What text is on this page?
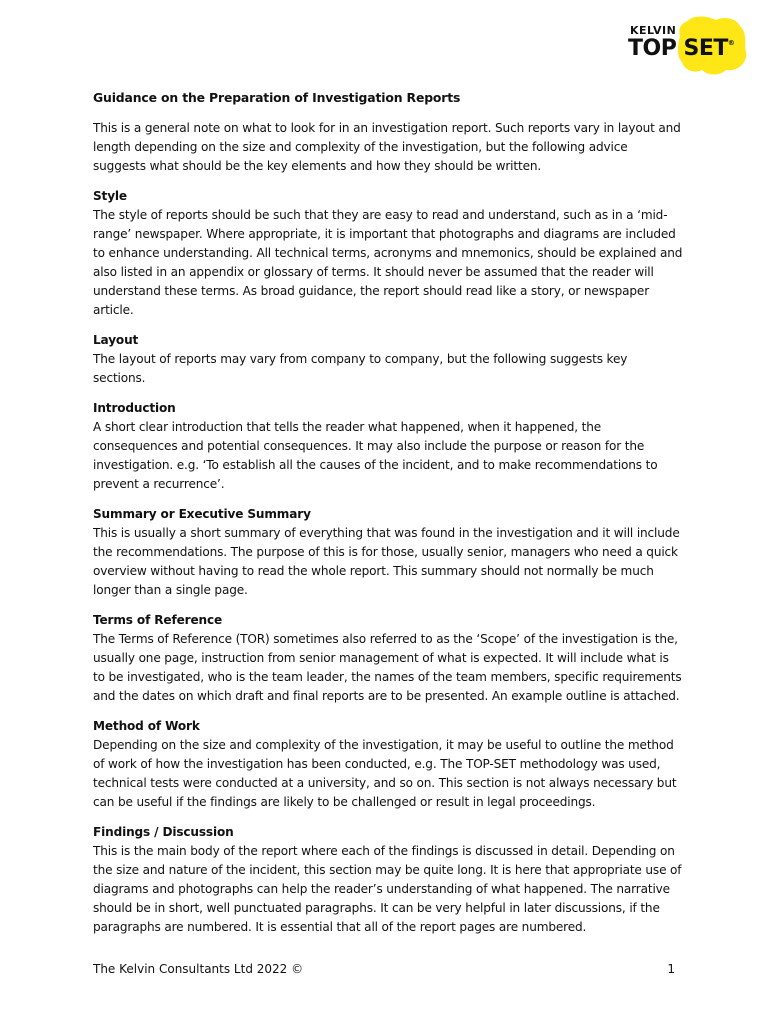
KELVIN
TOP SET®

Guidance on the Preparation of Investigation Reports

This is a general note on what to look for in an investigation report. Such reports vary in layout and length depending on the size and complexity of the investigation, but the following advice suggests what should be the key elements and how they should be written.

Style

The style of reports should be such that they are easy to read and understand, such as in a ‘mid-range’ newspaper. Where appropriate, it is important that photographs and diagrams are included to enhance understanding. All technical terms, acronyms and mnemonics, should be explained and also listed in an appendix or glossary of terms. It should never be assumed that the reader will understand these terms. As broad guidance, the report should read like a story, or newspaper article.

Layout

The layout of reports may vary from company to company, but the following suggests key sections.

Introduction

A short clear introduction that tells the reader what happened, when it happened, the consequences and potential consequences. It may also include the purpose or reason for the investigation. e.g. ‘To establish all the causes of the incident, and to make recommendations to prevent a recurrence’.

Summary or Executive Summary

This is usually a short summary of everything that was found in the investigation and it will include the recommendations. The purpose of this is for those, usually senior, managers who need a quick overview without having to read the whole report. This summary should not normally be much longer than a single page.

Terms of Reference

The Terms of Reference (TOR) sometimes also referred to as the ‘Scope’ of the investigation is the, usually one page, instruction from senior management of what is expected. It will include what is to be investigated, who is the team leader, the names of the team members, specific requirements and the dates on which draft and final reports are to be presented. An example outline is attached.

Method of Work

Depending on the size and complexity of the investigation, it may be useful to outline the method of work of how the investigation has been conducted, e.g. The TOP-SET methodology was used, technical tests were conducted at a university, and so on. This section is not always necessary but can be useful if the findings are likely to be challenged or result in legal proceedings.

Findings / Discussion

This is the main body of the report where each of the findings is discussed in detail. Depending on the size and nature of the incident, this section may be quite long. It is here that appropriate use of diagrams and photographs can help the reader’s understanding of what happened. The narrative should be in short, well punctuated paragraphs. It can be very helpful in later discussions, if the paragraphs are numbered. It is essential that all of the report pages are numbered.

The Kelvin Consultants Ltd 2022 ©	1
